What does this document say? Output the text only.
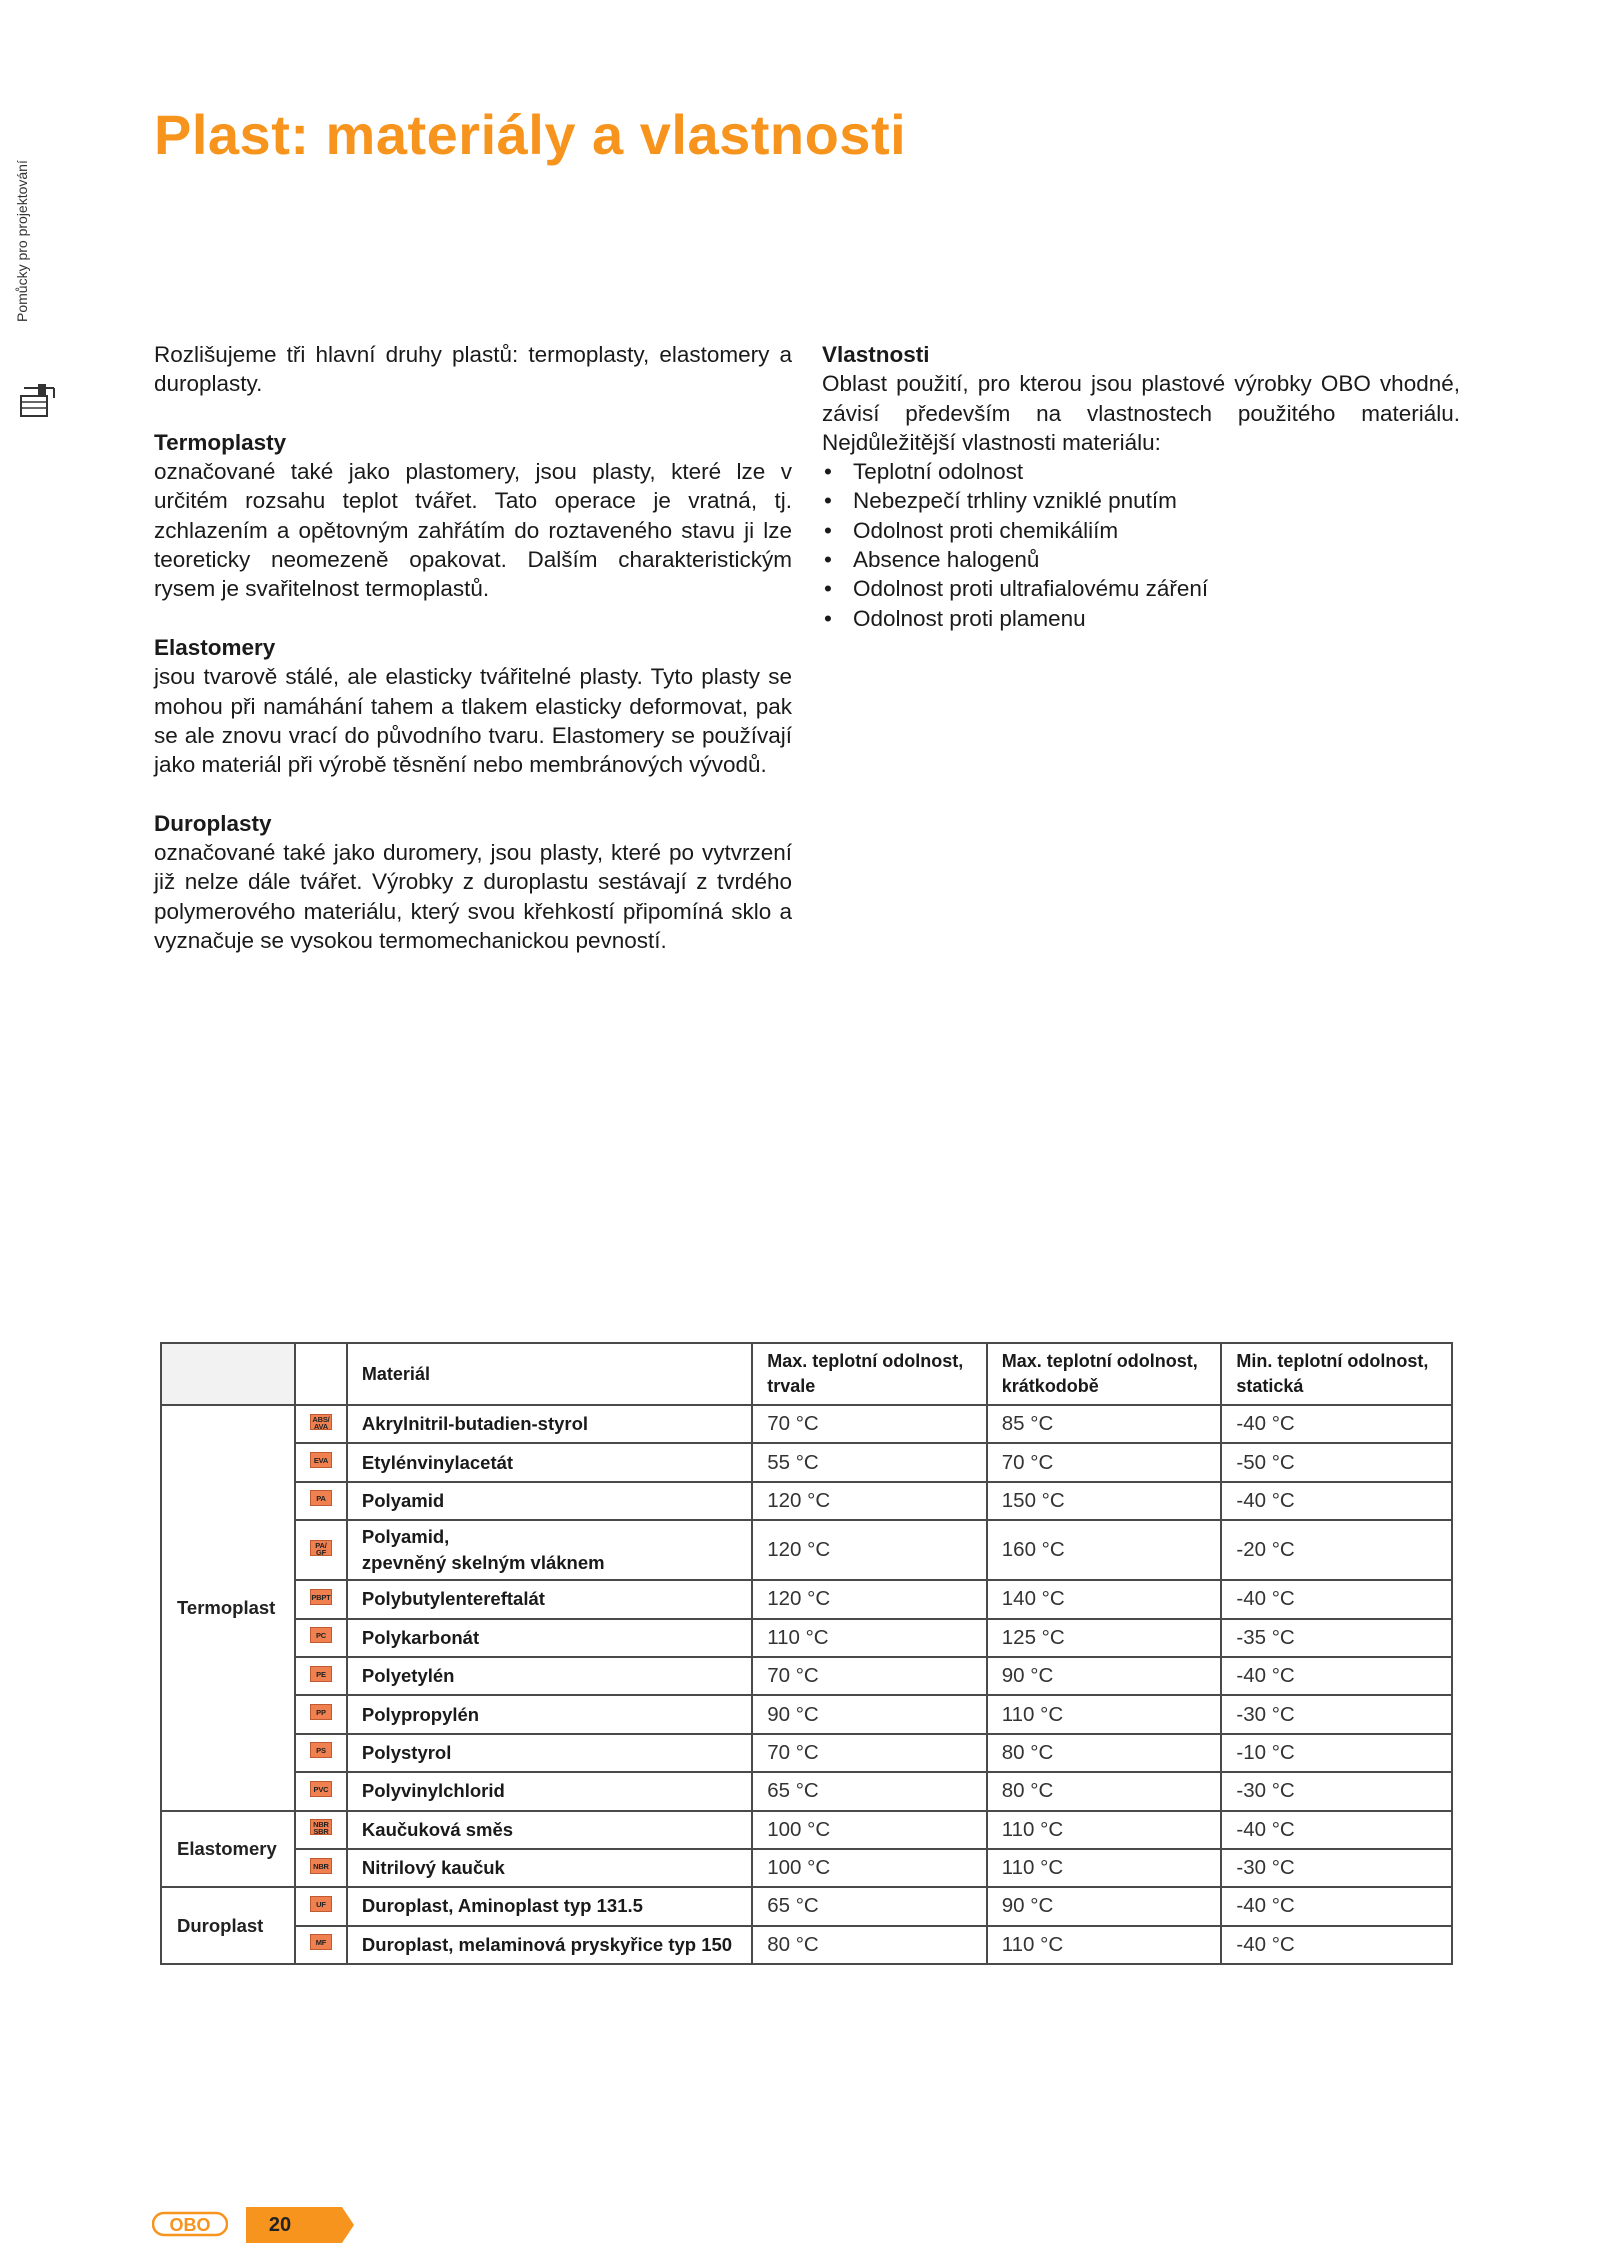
Pomůcky pro projektování
Plast: materiály a vlastnosti

Rozlišujeme tři hlavní druhy plastů: termoplasty, elastomery a duroplasty.

Termoplasty

označované také jako plastomery, jsou plasty, které lze v určitém rozsahu teplot tvářet. Tato operace je vratná, tj. zchlazením a opětovným zahřátím do roztaveného stavu ji lze teoreticky neomezeně opakovat. Dalším charakteristickým rysem je svařitelnost termoplastů.

Elastomery

jsou tvarově stálé, ale elasticky tvářitelné plasty. Tyto plasty se mohou při namáhání tahem a tlakem elasticky deformovat, pak se ale znovu vrací do původního tvaru. Elastomery se používají jako materiál při výrobě těsnění nebo membránových vývodů.

Duroplasty

označované také jako duromery, jsou plasty, které po vytvrzení již nelze dále tvářet. Výrobky z duroplastu sestávají z tvrdého polymerového materiálu, který svou křehkostí připomíná sklo a vyznačuje se vysokou termomechanickou pevností.

Vlastnosti

Oblast použití, pro kterou jsou plastové výrobky OBO vhodné, závisí především na vlastnostech použitého materiálu. Nejdůležitější vlastnosti materiálu:

• Teplotní odolnost
• Nebezpečí trhliny vzniklé pnutím
• Odolnost proti chemikáliím
• Absence halogenů
• Odolnost proti ultrafialovému záření
• Odolnost proti plamenu
		Materiál	Max. teplotní odolnost, trvale	Max. teplotní odolnost, krátkodobě	Min. teplotní odolnost, statická
Termoplast	ABS/ AVA	Akrylnitril-butadien-styrol	70 °C	85 °C	-40 °C
	EVA	Etylénvinylacetát	55 °C	70 °C	-50 °C
	PA	Polyamid	120 °C	150 °C	-40 °C
	PA/ GF	Polyamid,
zpevněný skelným vláknem	120 °C	160 °C	-20 °C
	PBPT	Polybutylentereftalát	120 °C	140 °C	-40 °C
	PC	Polykarbonát	110 °C	125 °C	-35 °C
	PE	Polyetylén	70 °C	90 °C	-40 °C
	PP	Polypropylén	90 °C	110 °C	-30 °C
	PS	Polystyrol	70 °C	80 °C	-10 °C
	PVC	Polyvinylchlorid	65 °C	80 °C	-30 °C
Elastomery	NBR SBR	Kaučuková směs	100 °C	110 °C	-40 °C
	NBR	Nitrilový kaučuk	100 °C	110 °C	-30 °C
Duroplast	UF	Duroplast, Aminoplast typ 131.5	65 °C	90 °C	-40 °C
	MF	Duroplast, melaminová pryskyřice typ 150	80 °C	110 °C	-40 °C
OBO	20
